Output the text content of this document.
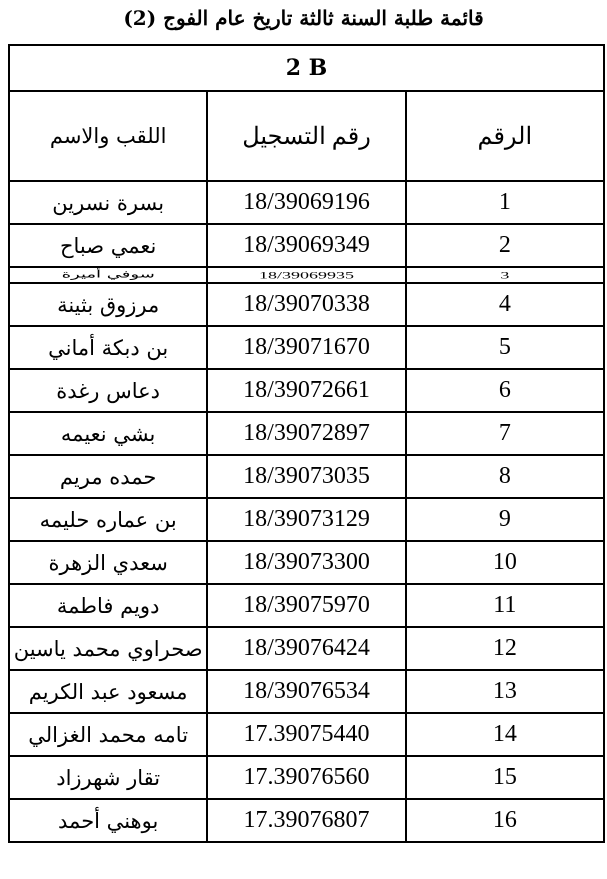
قائمة طلبة السنة ثالثة تاريخ عام الفوج (2)
2 B		
اللقب والاسم	رقم التسجيل	الرقم
بسرة نسرين	18/39069196	1
نعمي صباح	18/39069349	2
سوفي أميرة	18/39069935	3
مرزوق بثينة	18/39070338	4
بن دبكة أماني	18/39071670	5
دعاس رغدة	18/39072661	6
بشي نعيمه	18/39072897	7
حمده مريم	18/39073035	8
بن عماره حليمه	18/39073129	9
سعدي الزهرة	18/39073300	10
دويم فاطمة	18/39075970	11
صحراوي محمد ياسين	18/39076424	12
مسعود عبد الكريم	18/39076534	13
تامه محمد الغزالي	17.39075440	14
تقار شهرزاد	17.39076560	15
بوهني أحمد	17.39076807	16
